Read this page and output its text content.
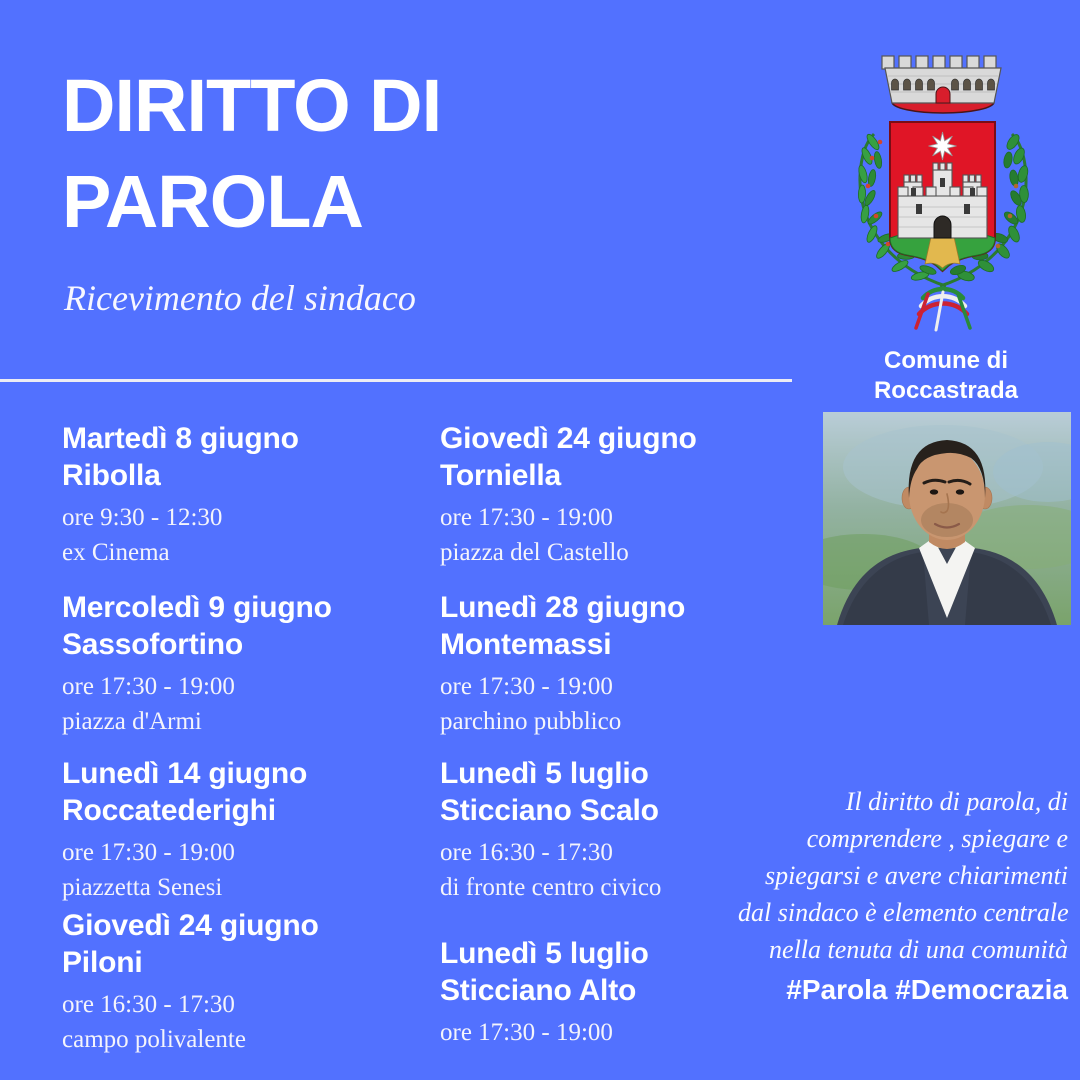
DIRITTO DI
PAROLA
Ricevimento del sindaco
Martedì 8 giugno
Ribolla

ore 9:30 - 12:30

ex Cinema

Mercoledì 9 giugno
Sassofortino

ore 17:30 - 19:00

piazza d'Armi

Lunedì 14 giugno
Roccatederighi

ore 17:30 - 19:00

piazzetta Senesi

Giovedì 24 giugno
Piloni

ore 16:30 - 17:30

campo polivalente

Giovedì 24 giugno
Torniella

ore 17:30 - 19:00

piazza del Castello

Lunedì 28 giugno
Montemassi

ore 17:30 - 19:00

parchino pubblico

Lunedì 5 luglio
Sticciano Scalo

ore 16:30 - 17:30

di fronte centro civico

Lunedì 5 luglio
Sticciano Alto

ore 17:30 - 19:00

Comune di Roccastrada
Il diritto di parola, di
comprendere , spiegare e
spiegarsi e avere chiarimenti
dal sindaco è elemento centrale
nella tenuta di una comunità
#Parola #Democrazia
